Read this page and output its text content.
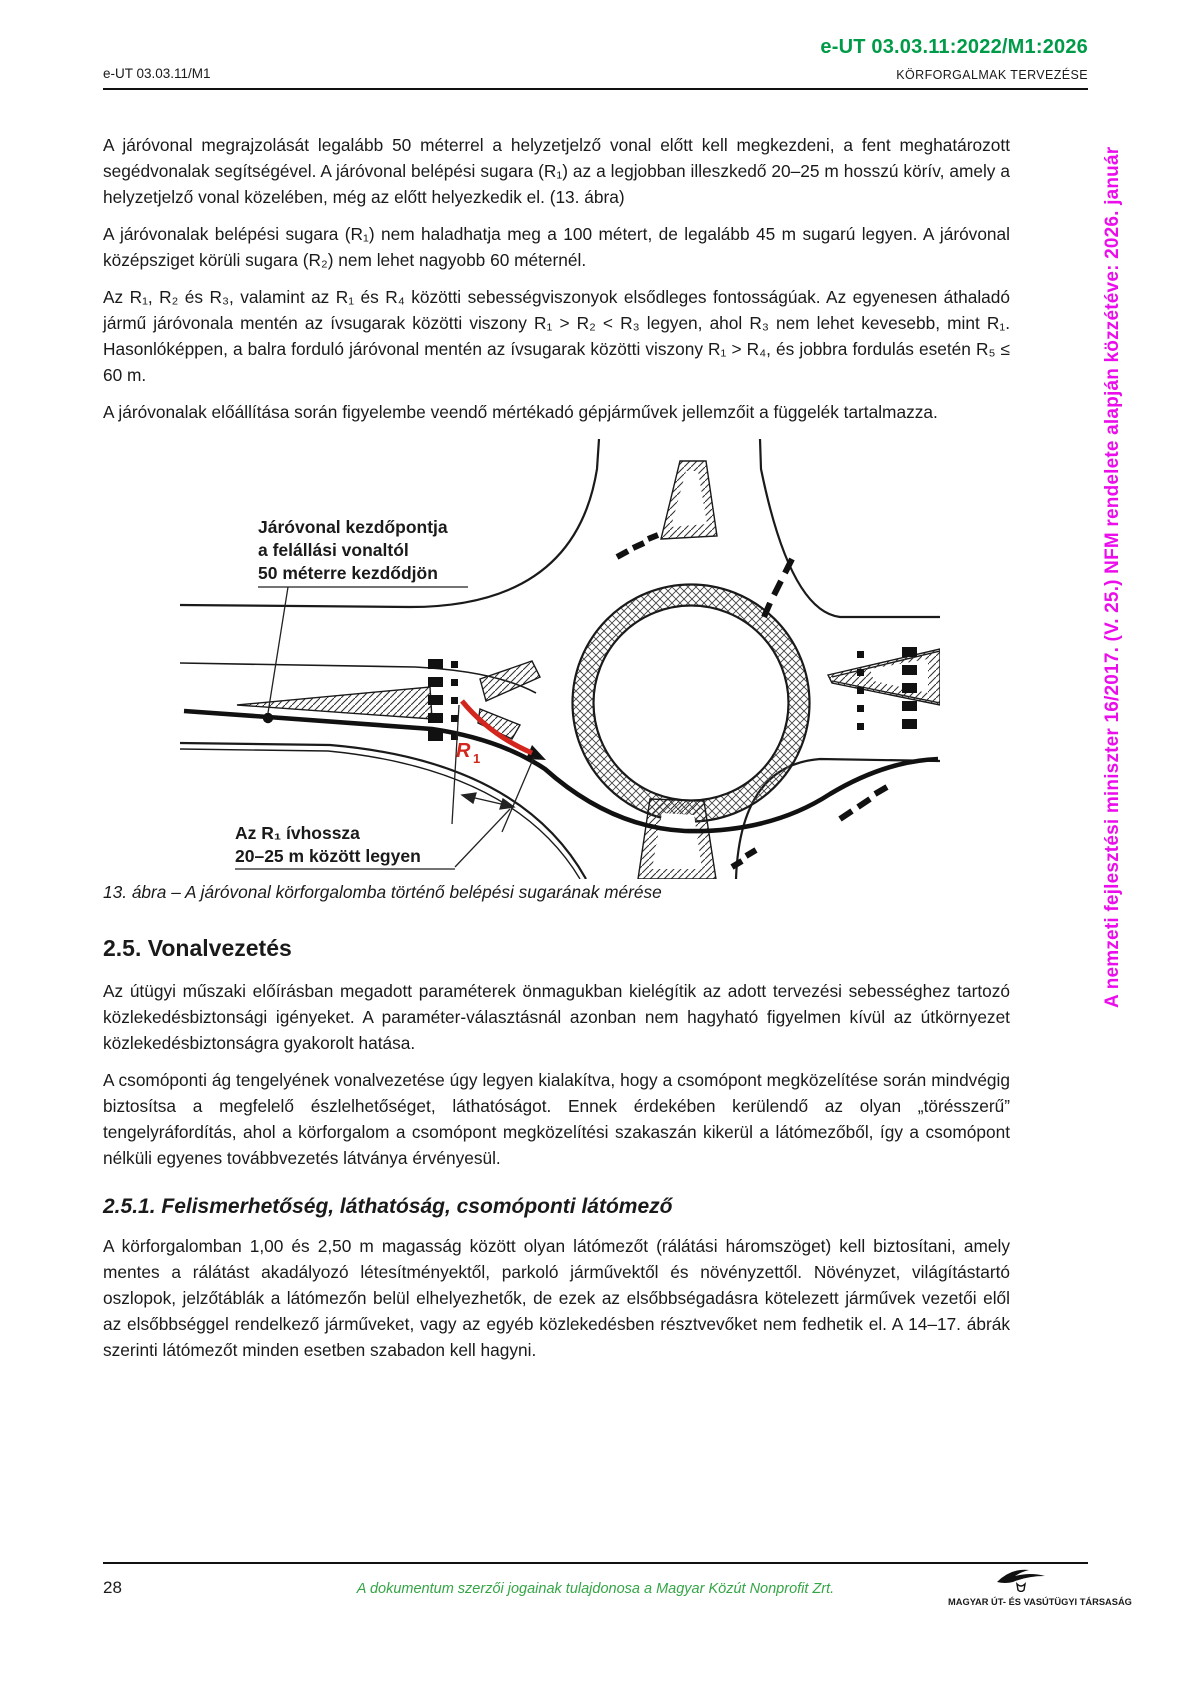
e-UT 03.03.11:2022/M1:2026
e-UT 03.03.11/M1	KÖRFORGALMAK TERVEZÉSE
A nemzeti fejlesztési miniszter 16/2017. (V. 25.) NFM rendelete alapján közzétéve: 2026. január

A járóvonal megrajzolását legalább 50 méterrel a helyzetjelző vonal előtt kell megkezdeni, a fent meghatározott segédvonalak segítségével. A járóvonal belépési sugara (R₁) az a legjobban illeszkedő 20–25 m hosszú körív, amely a helyzetjelző vonal közelében, még az előtt helyezkedik el. (13. ábra)

A járóvonalak belépési sugara (R₁) nem haladhatja meg a 100 métert, de legalább 45 m sugarú legyen. A járóvonal középsziget körüli sugara (R₂) nem lehet nagyobb 60 méternél.

Az R₁, R₂ és R₃, valamint az R₁ és R₄ közötti sebességviszonyok elsődleges fontosságúak. Az egyenesen áthaladó jármű járóvonala mentén az ívsugarak közötti viszony R₁ > R₂ < R₃ legyen, ahol R₃ nem lehet kevesebb, mint R₁. Hasonlóképpen, a balra forduló járóvonal mentén az ívsugarak közötti viszony R₁ > R₄, és jobbra fordulás esetén R₅ ≤ 60 m.

A járóvonalak előállítása során figyelembe veendő mértékadó gépjárművek jellemzőit a függelék tartalmazza.

R 1
Járóvonal kezdőpontja
a felállási vonaltól
50 méterre kezdődjön
Az R₁ ívhossza
20–25 m között legyen

13. ábra – A járóvonal körforgalomba történő belépési sugarának mérése

2.5. Vonalvezetés

Az útügyi műszaki előírásban megadott paraméterek önmagukban kielégítik az adott tervezési sebességhez tartozó közlekedésbiztonsági igényeket. A paraméter-választásnál azonban nem hagyható figyelmen kívül az útkörnyezet közlekedésbiztonságra gyakorolt hatása.

A csomóponti ág tengelyének vonalvezetése úgy legyen kialakítva, hogy a csomópont megközelítése során mindvégig biztosítsa a megfelelő észlelhetőséget, láthatóságot. Ennek érdekében kerülendő az olyan „törésszerű” tengelyráfordítás, ahol a körforgalom a csomópont megközelítési szakaszán kikerül a látómezőből, így a csomópont nélküli egyenes továbbvezetés látványa érvényesül.

2.5.1. Felismerhetőség, láthatóság, csomóponti látómező

A körforgalomban 1,00 és 2,50 m magasság között olyan látómezőt (rálátási háromszöget) kell biztosítani, amely mentes a rálátást akadályozó létesítményektől, parkoló járművektől és növényzettől. Növényzet, világítástartó oszlopok, jelzőtáblák a látómezőn belül elhelyezhetők, de ezek az elsőbbségadásra kötelezett járművek vezetői elől az elsőbbséggel rendelkező járműveket, vagy az egyéb közlekedésben résztvevőket nem fedhetik el. A 14–17. ábrák szerinti látómezőt minden esetben szabadon kell hagyni.

28	A dokumentum szerzői jogainak tulajdonosa a Magyar Közút Nonprofit Zrt.
MAGYAR ÚT- ÉS VASÚTÜGYI TÁRSASÁG
